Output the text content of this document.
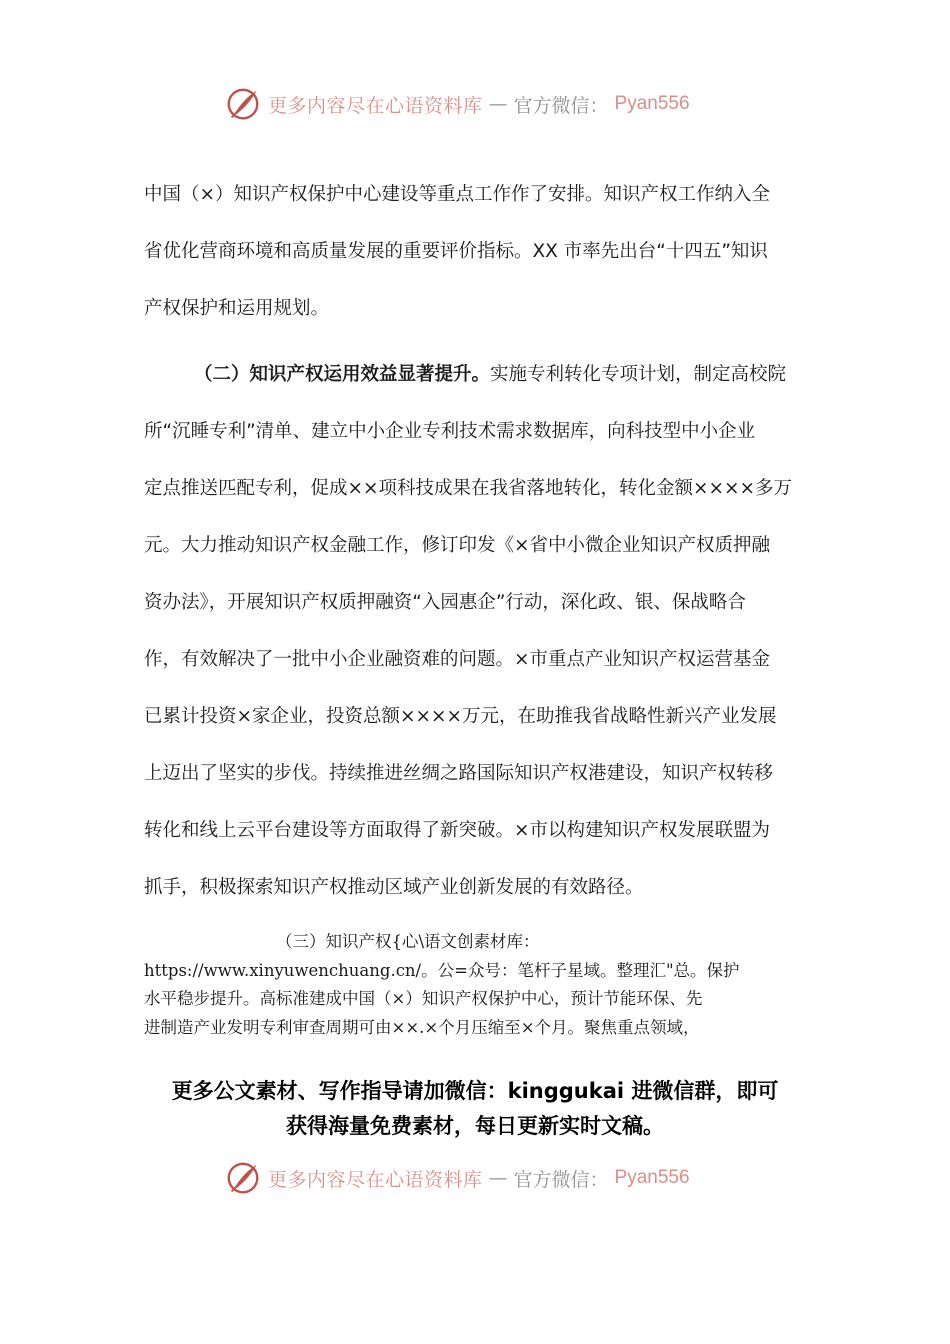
更多内容尽在心语资料库 — 官方微信： Pyan556
中国（×）知识产权保护中心建设等重点工作作了安排。知识产权工作纳入全
省优化营商环境和高质量发展的重要评价指标。XX 市率先出台“十四五”知识
产权保护和运用规划。
（二）知识产权运用效益显著提升。实施专利转化专项计划，制定高校院
所“沉睡专利”清单、建立中小企业专利技术需求数据库，向科技型中小企业
定点推送匹配专利，促成××项科技成果在我省落地转化，转化金额××××多万
元。大力推动知识产权金融工作，修订印发《×省中小微企业知识产权质押融
资办法》，开展知识产权质押融资“入园惠企”行动，深化政、银、保战略合
作，有效解决了一批中小企业融资难的问题。×市重点产业知识产权运营基金
已累计投资×家企业，投资总额××××万元，在助推我省战略性新兴产业发展
上迈出了坚实的步伐。持续推进丝绸之路国际知识产权港建设，知识产权转移
转化和线上云平台建设等方面取得了新突破。×市以构建知识产权发展联盟为
抓手，积极探索知识产权推动区域产业创新发展的有效路径。
（三）知识产权{心\语文创素材库：
https://www.xinyuwenchuang.cn/。公=众号：笔杆子星域。整理汇"总。保护
水平稳步提升。高标准建成中国（×）知识产权保护中心，预计节能环保、先
进制造产业发明专利审查周期可由××.×个月压缩至×个月。聚焦重点领域，
更多公文素材、写作指导请加微信：kinggukai 进微信群，即可
获得海量免费素材，每日更新实时文稿。
更多内容尽在心语资料库 — 官方微信： Pyan556
